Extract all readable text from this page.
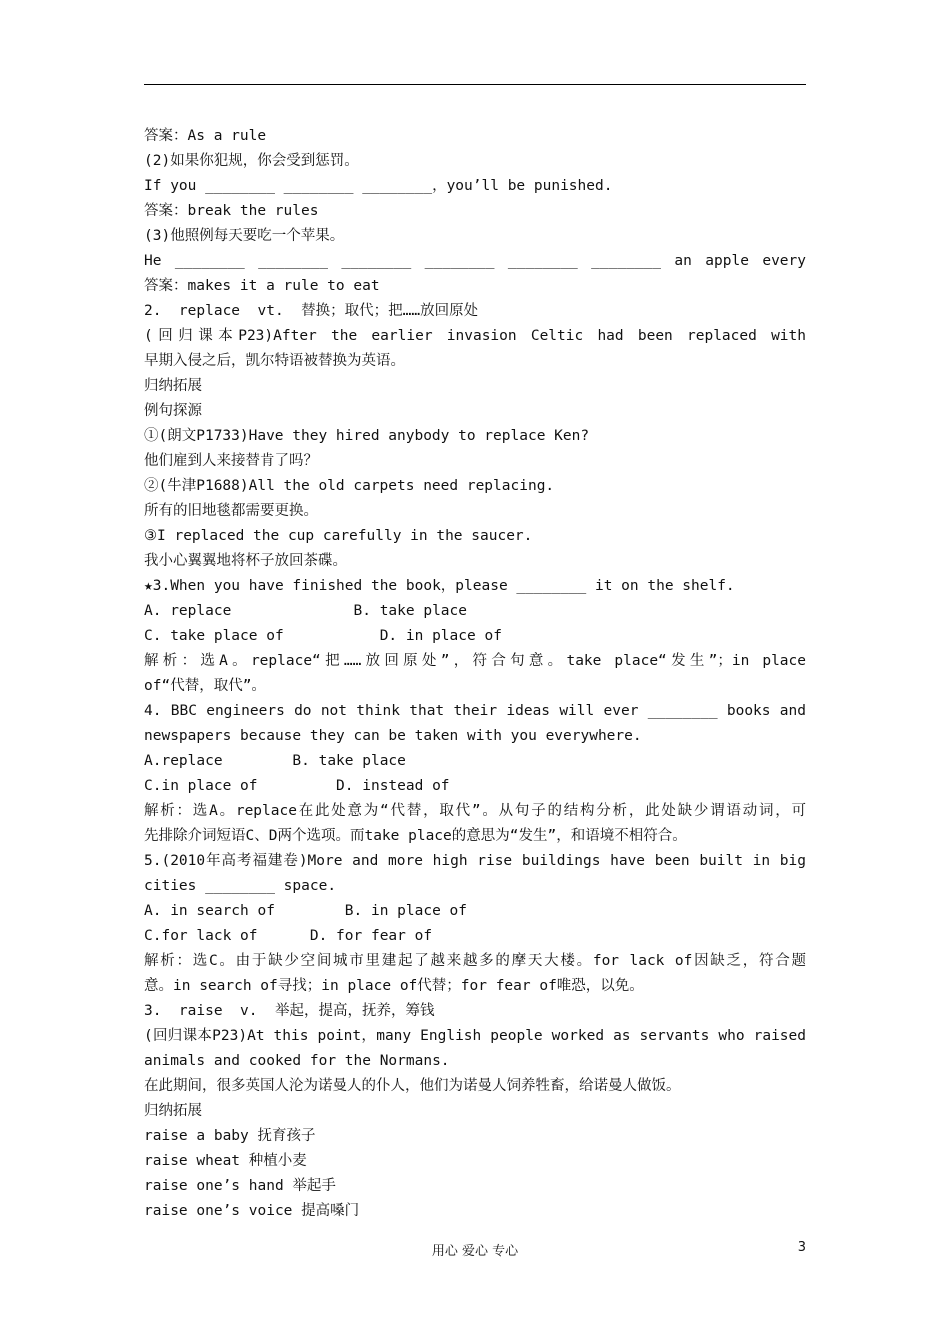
答案：As a rule
(2)如果你犯规，你会受到惩罚。
If you ________ ________ ________，you’ll be punished.
答案：break the rules
(3)他照例每天要吃一个苹果。
He ________ ________ ________ ________ ________ ________ an apple every
答案：makes it a rule to eat
2.  replace  vt.  替换；取代；把……放回原处
(回归课本P23)After the earlier invasion Celtic had been replaced with
早期入侵之后，凯尔特语被替换为英语。
归纳拓展
例句探源
①(朗文P1733)Have they hired anybody to replace Ken?
他们雇到人来接替肯了吗？
②(牛津P1688)All the old carpets need replacing.
所有的旧地毯都需要更换。
③I replaced the cup carefully in the saucer.
我小心翼翼地将杯子放回茶碟。
★3.When you have finished the book，please ________ it on the shelf.
A. replace              B. take place
C. take place of           D. in place of
解析：选A。replace“把……放回原处”，符合句意。take place“发生”；in place
of“代替，取代”。
4. BBC engineers do not think that their ideas will ever ________ books and
newspapers because they can be taken with you everywhere.
A.replace        B. take place
C.in place of         D. instead of
解析：选A。replace在此处意为“代替，取代”。从句子的结构分析，此处缺少谓语动词，可
先排除介词短语C、D两个选项。而take place的意思为“发生”，和语境不相符合。
5.(2010年高考福建卷)More and more high rise buildings have been built in big
cities ________ space.
A. in search of        B. in place of
C.for lack of      D. for fear of
解析：选C。由于缺少空间城市里建起了越来越多的摩天大楼。for lack of因缺乏，符合题
意。in search of寻找；in place of代替；for fear of唯恐，以免。
3.  raise  v.  举起，提高，抚养，筹钱
(回归课本P23)At this point，many English people worked as servants who raised
animals and cooked for the Normans.
在此期间，很多英国人沦为诺曼人的仆人，他们为诺曼人饲养牲畜，给诺曼人做饭。
归纳拓展
raise a baby 抚育孩子
raise wheat 种植小麦
raise one’s hand 举起手
raise one’s voice 提高嗓门
用心 爱心 专心	3
